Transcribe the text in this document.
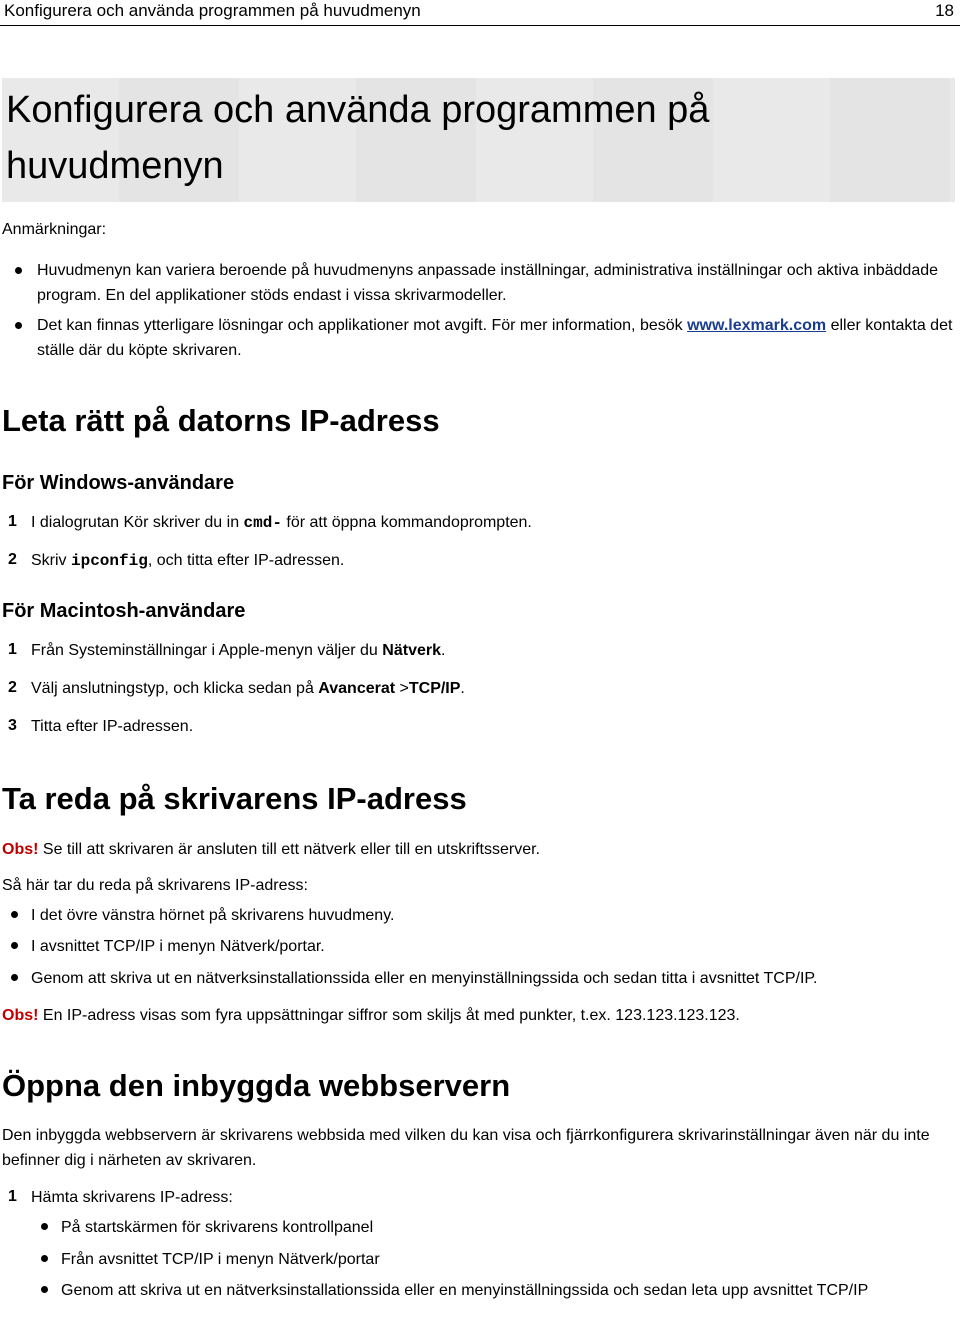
Konfigurera och använda programmen på huvudmenyn	18
Konfigurera och använda programmen på huvudmenyn
Anmärkningar:
Huvudmenyn kan variera beroende på huvudmenyns anpassade inställningar, administrativa inställningar och aktiva inbäddade program. En del applikationer stöds endast i vissa skrivarmodeller.
Det kan finnas ytterligare lösningar och applikationer mot avgift. För mer information, besök www.lexmark.com eller kontakta det ställe där du köpte skrivaren.
Leta rätt på datorns IP-adress
För Windows-användare
1 I dialogrutan Kör skriver du in cmd- för att öppna kommandoprompten.
2 Skriv ipconfig, och titta efter IP-adressen.
För Macintosh-användare
1 Från Systeminställningar i Apple-menyn väljer du Nätverk.
2 Välj anslutningstyp, och klicka sedan på Avancerat >TCP/IP.
3 Titta efter IP-adressen.
Ta reda på skrivarens IP-adress
Obs! Se till att skrivaren är ansluten till ett nätverk eller till en utskriftsserver.
Så här tar du reda på skrivarens IP-adress:
I det övre vänstra hörnet på skrivarens huvudmeny.
I avsnittet TCP/IP i menyn Nätverk/portar.
Genom att skriva ut en nätverksinstallationssida eller en menyinställningssida och sedan titta i avsnittet TCP/IP.
Obs! En IP-adress visas som fyra uppsättningar siffror som skiljs åt med punkter, t.ex. 123.123.123.123.
Öppna den inbyggda webbservern
Den inbyggda webbservern är skrivarens webbsida med vilken du kan visa och fjärrkonfigurera skrivarinställningar även när du inte befinner dig i närheten av skrivaren.
1 Hämta skrivarens IP-adress:
På startskärmen för skrivarens kontrollpanel
Från avsnittet TCP/IP i menyn Nätverk/portar
Genom att skriva ut en nätverksinstallationssida eller en menyinställningssida och sedan leta upp avsnittet TCP/IP
